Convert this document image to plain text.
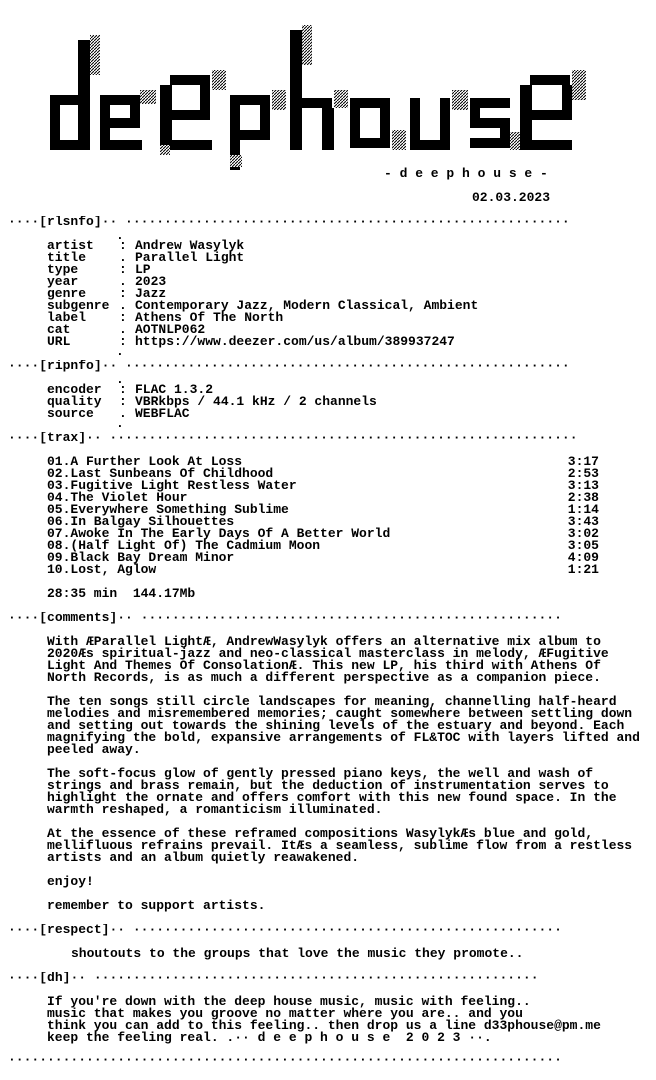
- d e e p h o u s e -
02.03.2023
····[rlsnfo]·· ·························································
.
artist : Andrew Wasylyk
title	. Parallel Light
type	: LP
year	. 2023
genre	: Jazz
subgenre . Contemporary Jazz, Modern Classical, Ambient
label	: Athens Of The North
cat	. AOTNLP062
URL	: https://www.deezer.com/us/album/389937247
.
····[ripnfo]·· ·························································
.
encoder : FLAC 1.3.2
quality : VBRkbps / 44.1 kHz / 2 channels
source . WEBFLAC
.
····[trax]·· ····························································
01.A Further Look At Loss	3:17
02.Last Sunbeans Of Childhood	2:53
03.Fugitive Light Restless Water	3:13
04.The Violet Hour	2:38
05.Everywhere Something Sublime	1:14
06.In Balgay Silhouettes	3:43
07.Awoke In The Early Days Of A Better World	3:02
08.(Half Light Of) The Cadmium Moon	3:05
09.Black Bay Dream Minor	4:09
10.Lost, Aglow	1:21
28:35 min  144.17Mb
····[comments]·· ······················································
With ÆParallel LightÆ, AndrewWasylyk offers an alternative mix album to 2020Æs spiritual-jazz and neo-classical masterclass in melody, ÆFugitive Light And Themes Of ConsolationÆ. This new LP, his third with Athens Of North Records, is as much a different perspective as a companion piece.
The ten songs still circle landscapes for meaning, channelling half-heard melodies and misremembered memories; caught somewhere between settling down and setting out towards the shining levels of the estuary and beyond. Each magnifying the bold, expansive arrangements of FL&TOC with layers lifted and peeled away.
The soft-focus glow of gently pressed piano keys, the well and wash of strings and brass remain, but the deduction of instrumentation serves to highlight the ornate and offers comfort with this new found space. In the warmth reshaped, a romanticism illuminated.
At the essence of these reframed compositions WasylykÆs blue and gold, mellifluous refrains prevail. ItÆs a seamless, sublime flow from a restless artists and an album quietly reawakened.
enjoy!
remember to support artists.
····[respect]·· ·······················································
shoutouts to the groups that love the music they promote..
····[dh]·· ·························································
If you're down with the deep house music, music with feeling..
music that makes you groove no matter where you are.. and you
think you can add to this feeling.. then drop us a line d33phouse@pm.me
keep the feeling real. .·· d e e p h o u s e  2 0 2 3 ··.
·······································································
